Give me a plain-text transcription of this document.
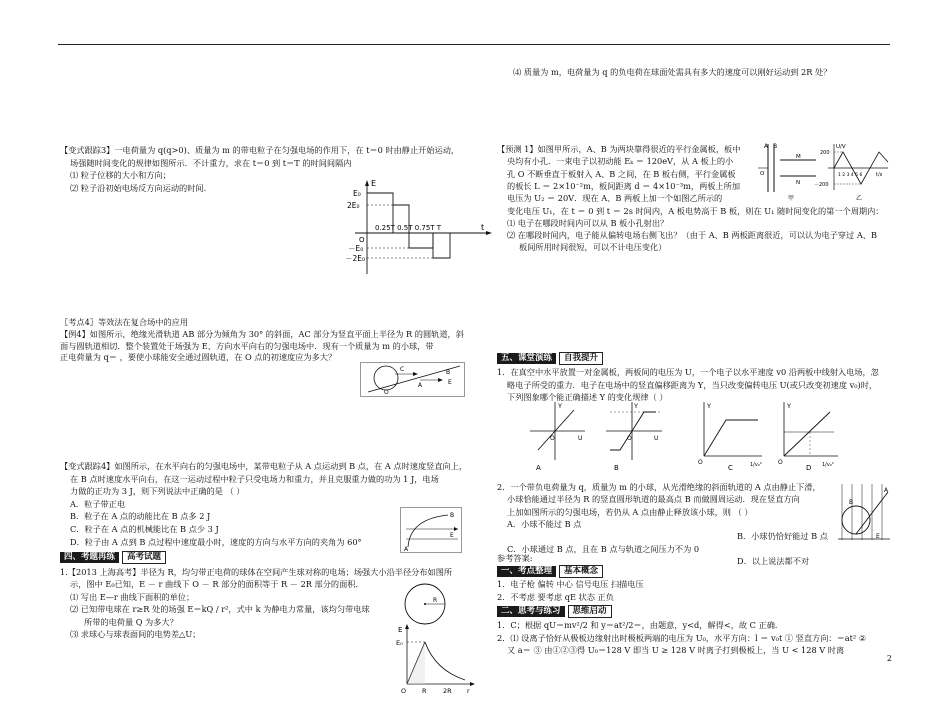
E
t
E₀
2E₀
－E₀
－2E₀
0.25T 0.5T 0.75T T
O
B
C
A	E
O
B
A
E
四、考题再练 高考试题
R
E
E₀
O R	2R r
⑷ 质量为 m，电荷量为 q 的负电荷在球面处需具有多大的速度可以刚好运动到 2R 处？
A B
O
M
N
甲
U/V
200
－200
1 2 3 4 5 6	t/s
乙
五、课堂演练 自我提升
Y
O	U
A
Y
O	U
B
Y
O	1/v₀²
C
Y
O	1/v₀²
D
B
A
E
参考答案:
一、考点整理 基本概念
二、思考与练习 思维启动
2
【变式跟踪3】一电荷量为 q(q>0)、质量为 m 的带电粒子在匀强电场的作用下，在 t＝0 时由静止开始运动，
场强随时间变化的规律如图所示．不计重力，求在 t＝0 到 t＝T 的时间间隔内
⑴ 粒子位移的大小和方向；
⑵ 粒子沿初始电场反方向运动的时间．
〖考点4〗等效法在复合场中的应用
【例4】如图所示，绝缘光滑轨道 AB 部分为倾角为 30° 的斜面，AC 部分为竖直平面上半径为 R 的圆轨道，斜
面与圆轨道相切．整个装置处于场强为 E、方向水平向右的匀强电场中．现有一个质量为 m 的小球，带
正电荷量为 q＝ ，要使小球能安全通过圆轨道，在 O 点的初速度应为多大？
【变式跟踪4】如图所示，在水平向右的匀强电场中，某带电粒子从 A 点运动到 B 点，在 A 点时速度竖直向上，
在 B 点时速度水平向右，在这一运动过程中粒子只受电场力和重力，并且克服重力做的功为 1 J，电场
力做的正功为 3 J，则下列说法中正确的是 （ ）
A．粒子带正电
B．粒子在 A 点的动能比在 B 点多 2 J
C．粒子在 A 点的机械能比在 B 点少 3 J
D．粒子由 A 点到 B 点过程中速度最小时，速度的方向与水平方向的夹角为 60°
1.【2013 上海高考】半径为 R，均匀带正电荷的球体在空间产生球对称的电场；场强大小沿半径分布如图所
示，图中 E₀已知，E － r 曲线下 O － R 部分的面积等于 R － 2R 部分的面积．
⑴ 写出 E—r 曲线下面积的单位；
⑵ 已知带电球在 r≥R 处的场强 E＝kQ / r²，式中 k 为静电力常量，该均匀带电球
所带的电荷量 Q 为多大？
⑶ 求球心与球表面间的电势差△U；
【预测 1】如图甲所示，A、B 为两块靠得很近的平行金属板，板中
央均有小孔．一束电子以初动能 Eₖ ＝ 120eV，从 A 板上的小
孔 O 不断垂直于板射入 A、B 之间，在 B 板右侧，平行金属板
的板长 L ＝ 2×10⁻²m，板间距离 d ＝ 4×10⁻³m，两板上所加
电压为 U₂ ＝ 20V．现在 A、B 两板上加一个如图乙所示的
变化电压 U₁，在 t ＝ 0 到 t ＝ 2s 时间内，A 板电势高于 B 板，则在 U₁ 随时间变化的第一个周期内：
⑴ 电子在哪段时间内可以从 B 板小孔射出？
⑵ 在哪段时间内，电子能从偏转电场右侧飞出？（由于 A、B 两板距离很近，可以认为电子穿过 A、B
板间所用时间很短，可以不计电压变化）
1．在真空中水平放置一对金属板，两板间的电压为 U，一个电子以水平速度 v0 沿两板中线射入电场，忽
略电子所受的重力．电子在电场中的竖直偏移距离为 Y，当只改变偏转电压 U(或只改变初速度 v₀)时，
下列图象哪个能正确描述 Y 的变化规律（ ）
2．一个带负电荷量为 q，质量为 m 的小球，从光滑绝缘的斜面轨道的 A 点由静止下滑，
小球恰能通过半径为 R 的竖直圆形轨道的最高点 B 而做圆周运动．现在竖直方向
上加如图所示的匀强电场，若仍从 A 点由静止释放该小球，则 （ ）
A．小球不能过 B 点
B．小球仍恰好能过 B 点
C．小球通过 B 点，且在 B 点与轨道之间压力不为 0
D．以上说法都不对
1．电子枪 偏转 中心 信号电压 扫描电压
2．不考虑 要考虑 qE 状态 正负
1．C；根据 qU＝mv²/2 和 y＝at²/2＝，由题意，y<d，解得<，故 C 正确．
2．⑴ 设离子恰好从极板边缘射出时极板两端的电压为 U₀，水平方向：l ＝ v₀t ① 竖直方向：＝at² ②
又 a＝ ③ 由①②③得 U₀＝128 V 即当 U ≥ 128 V 时离子打到极板上，当 U < 128 V 时离
